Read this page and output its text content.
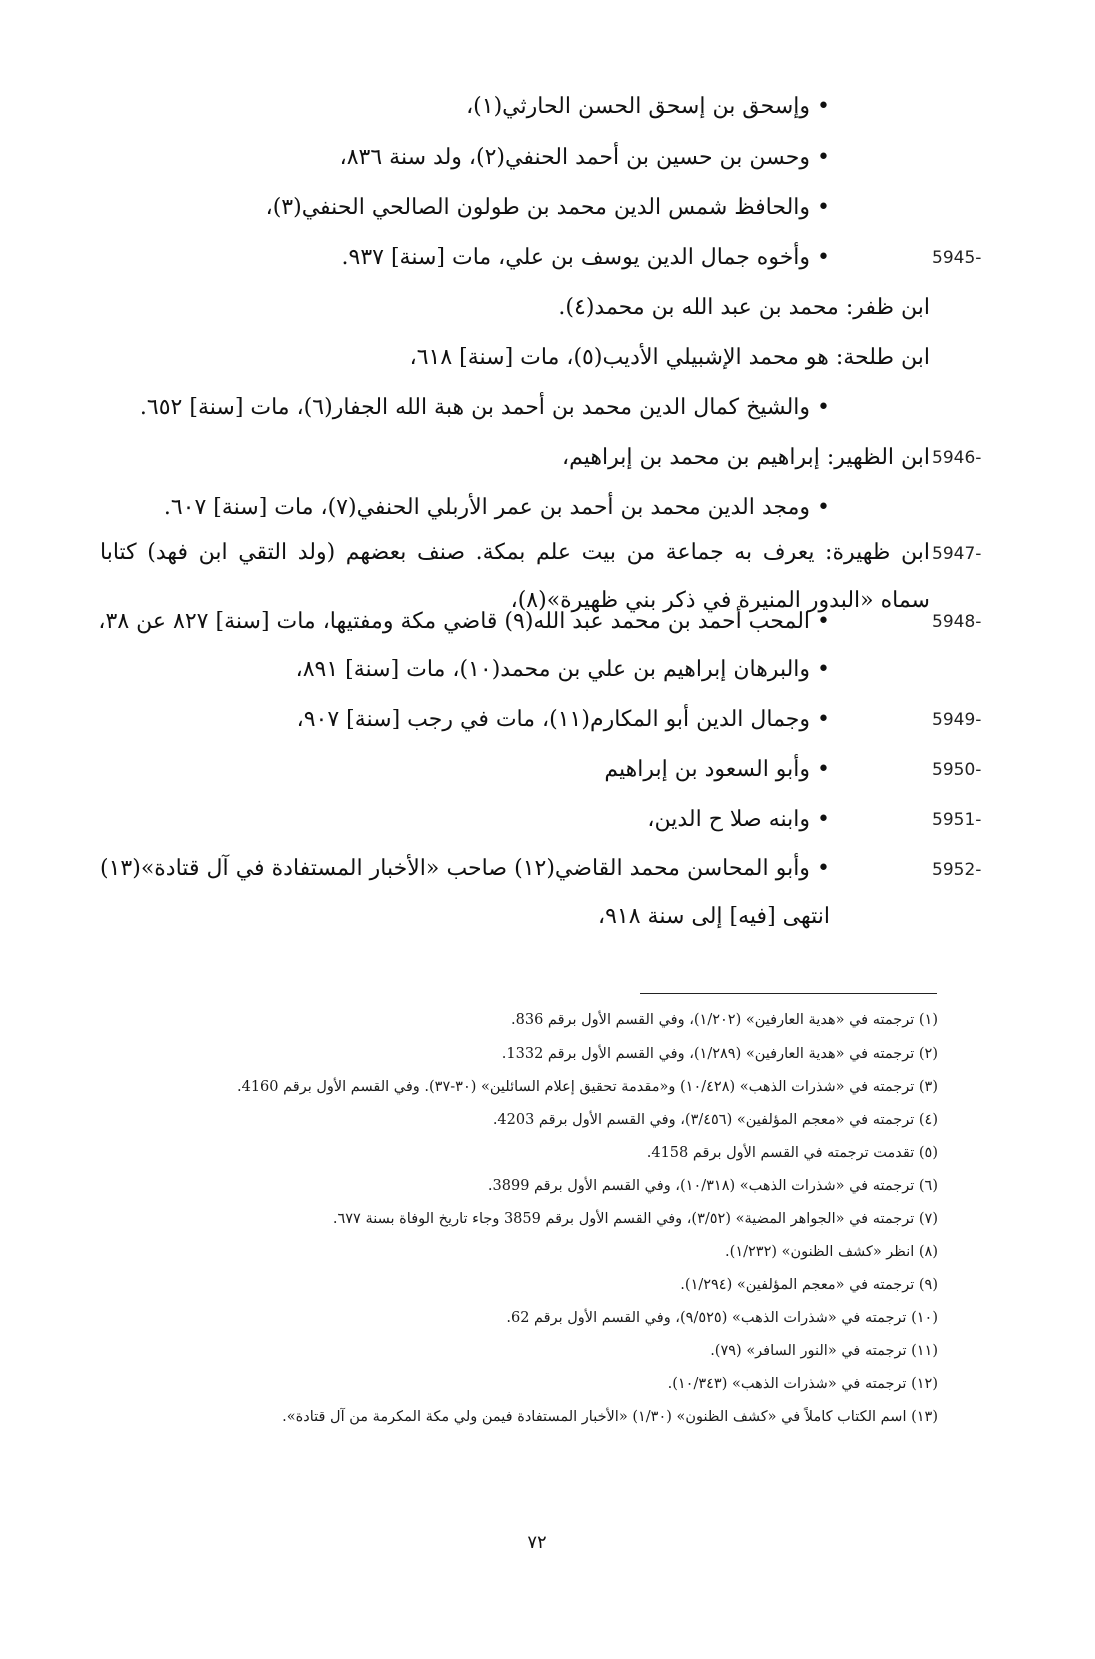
• وإسحق بن إسحق الحسن الحارثي(١)،
• وحسن بن حسين بن أحمد الحنفي(٢)، ولد سنة ٨٣٦،
• والحافظ شمس الدين محمد بن طولون الصالحي الحنفي(٣)،
5945-
• وأخوه جمال الدين يوسف بن علي، مات [سنة] ٩٣٧.
ابن ظفر: محمد بن عبد الله بن محمد(٤).
ابن طلحة: هو محمد الإشبيلي الأديب(٥)، مات [سنة] ٦١٨،
• والشيخ كمال الدين محمد بن أحمد بن هبة الله الجفار(٦)، مات [سنة] ٦٥٢.
5946-
ابن الظهير: إبراهيم بن محمد بن إبراهيم،
• ومجد الدين محمد بن أحمد بن عمر الأربلي الحنفي(٧)، مات [سنة] ٦٠٧.
5947-
ابن ظهيرة: يعرف به جماعة من بيت علم بمكة. صنف بعضهم (ولد التقي ابن فهد) كتابا سماه «البدور المنيرة في ذكر بني ظهيرة»(٨)،
5948-
• المحب أحمد بن محمد عبد الله(٩) قاضي مكة ومفتيها، مات [سنة] ٨٢٧ عن ٣٨،
• والبرهان إبراهيم بن علي بن محمد(١٠)، مات [سنة] ٨٩١،
5949-
• وجمال الدين أبو المكارم(١١)، مات في رجب [سنة] ٩٠٧،
5950-
• وأبو السعود بن إبراهيم
5951-
• وابنه صلا ح الدين،
5952-
• وأبو المحاسن محمد القاضي(١٢) صاحب «الأخبار المستفادة في آل قتادة»(١٣) انتهى [فيه] إلى سنة ٩١٨،
(١) ترجمته في «هدية العارفين» (١/٢٠٢)، وفي القسم الأول برقم 836.
(٢) ترجمته في «هدية العارفين» (١/٢٨٩)، وفي القسم الأول برقم 1332.
(٣) ترجمته في «شذرات الذهب» (١٠/٤٢٨) و«مقدمة تحقيق إعلام السائلين» (٣٠-٣٧). وفي القسم الأول برقم 4160.
(٤) ترجمته في «معجم المؤلفين» (٣/٤٥٦)، وفي القسم الأول برقم 4203.
(٥) تقدمت ترجمته في القسم الأول برقم 4158.
(٦) ترجمته في «شذرات الذهب» (١٠/٣١٨)، وفي القسم الأول برقم 3899.
(٧) ترجمته في «الجواهر المضية» (٣/٥٢)، وفي القسم الأول برقم 3859 وجاء تاريخ الوفاة بسنة ٦٧٧.
(٨) انظر «كشف الظنون» (١/٢٣٢).
(٩) ترجمته في «معجم المؤلفين» (١/٢٩٤).
(١٠) ترجمته في «شذرات الذهب» (٩/٥٢٥)، وفي القسم الأول برقم 62.
(١١) ترجمته في «النور السافر» (٧٩).
(١٢) ترجمته في «شذرات الذهب» (١٠/٣٤٣).
(١٣) اسم الكتاب كاملاً في «كشف الظنون» (١/٣٠) «الأخبار المستفادة فيمن ولي مكة المكرمة من آل قتادة».
٧٢
